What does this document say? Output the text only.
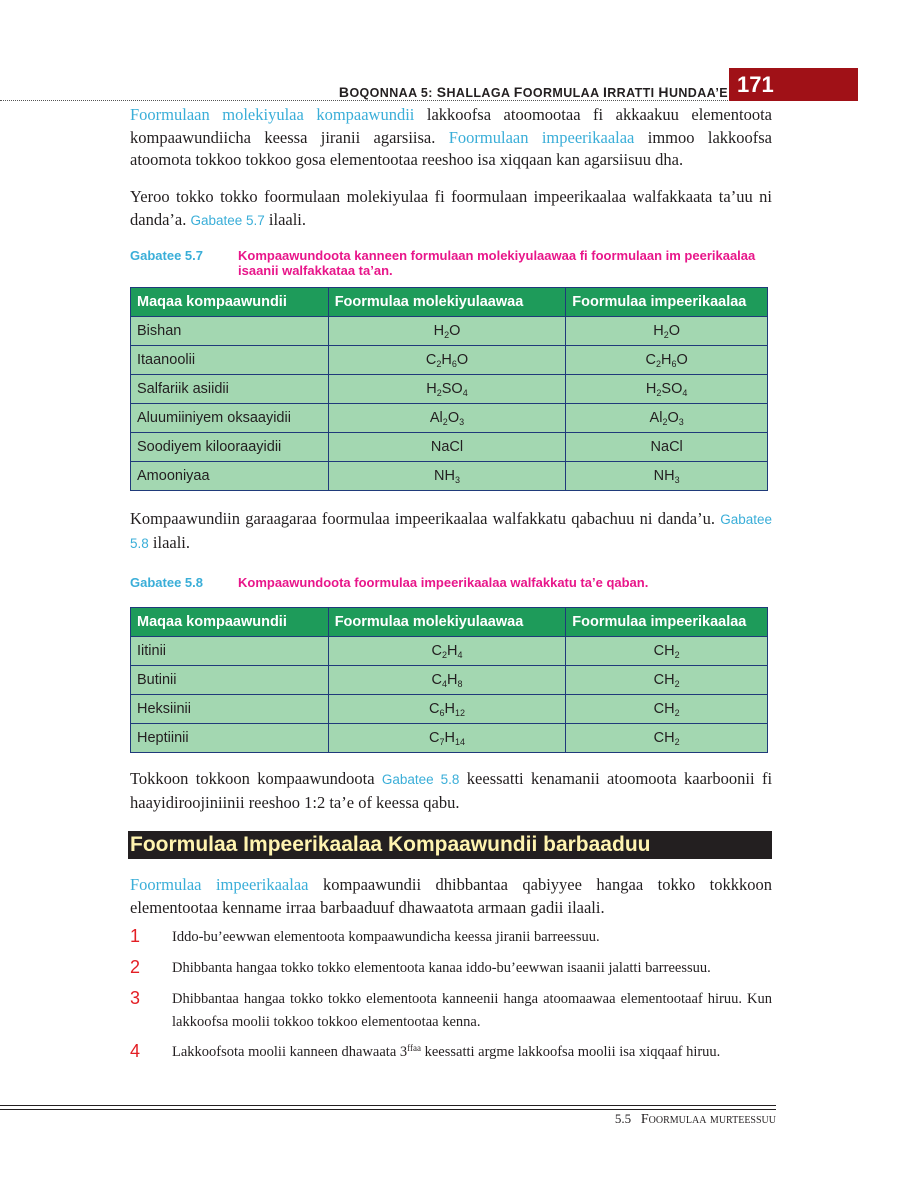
BOQONNAA 5: SHALLAGA FOORMULAA IRRATTI HUNDAA’E 171
Foormulaan molekiyulaa kompaawundii lakkoofsa atoomootaa fi akkaakuu elementoota kompaawundiicha keessa jiranii agarsiisa. Foormulaan impeerikaalaa immoo lakkoofsa atoomota tokkoo tokkoo gosa elementootaa reeshoo isa xiqqaan kan agarsiisuu dha.
Yeroo tokko tokko foormulaan molekiyulaa fi foormulaan impeerikaalaa walfakkaata ta’uu ni danda’a. Gabatee 5.7 ilaali.
Gabatee 5.7	Kompaawundoota kanneen formulaan molekiyulaawaa fi foormulaan im peerikaalaa isaanii walfakkataa ta’an.
Maqaa kompaawundii	Foormulaa molekiyulaawaa	Foormulaa impeerikaalaa
Bishan	$H_2O$	$H_2O$
Itaanoolii	$C_2H_6O$	$C_2H_6O$
Salfariik asiidii	$H_2SO_4$	$H_2SO_4$
Aluumiiniyem oksaayidii	$Al_2O_3$	$Al_2O_3$
Soodiyem kilooraayidii	NaCl	NaCl
Amooniyaa	$NH_3$	$NH_3$
Kompaawundiin garaagaraa foormulaa impeerikaalaa walfakkatu qabachuu ni danda’u. Gabatee 5.8 ilaali.
Gabatee 5.8	Kompaawundoota foormulaa impeerikaalaa walfakkatu ta’e qaban.
Maqaa kompaawundii	Foormulaa molekiyulaawaa	Foormulaa impeerikaalaa
Iitinii	$C_2H_4$	$CH_2$
Butinii	$C_4H_8$	$CH_2$
Heksiinii	$C_6H_{12}$	$CH_2$
Heptiinii	$C_7H_{14}$	$CH_2$
Tokkoon tokkoon kompaawundoota Gabatee 5.8 keessatti kenamanii atoomoota kaarboonii fi haayidiroojiniinii reeshoo 1:2 ta’e of keessa qabu.
Foormulaa Impeerikaalaa Kompaawundii barbaaduu
Foormulaa impeerikaalaa kompaawundii dhibbantaa qabiyyee hangaa tokko tokkkoon elementootaa kenname irraa barbaaduuf dhawaatota armaan gadii ilaali.
1 Iddo-bu’eewwan elementoota kompaawundicha keessa jiranii barreessuu.
2 Dhibbanta hangaa tokko tokko elementoota kanaa iddo-bu’eewwan isaanii jalatti barreessuu.
3 Dhibbantaa hangaa tokko tokko elementoota kanneenii hanga atoomaawaa elementootaaf hiruu. Kun lakkoofsa moolii tokkoo tokkoo elementootaa kenna.
4 Lakkoofsota moolii kanneen dhawaata $3^{ffaa}$ keessatti argme lakkoofsa moolii isa xiqqaaf hiruu.
5.5 Foormulaa murteessuu
